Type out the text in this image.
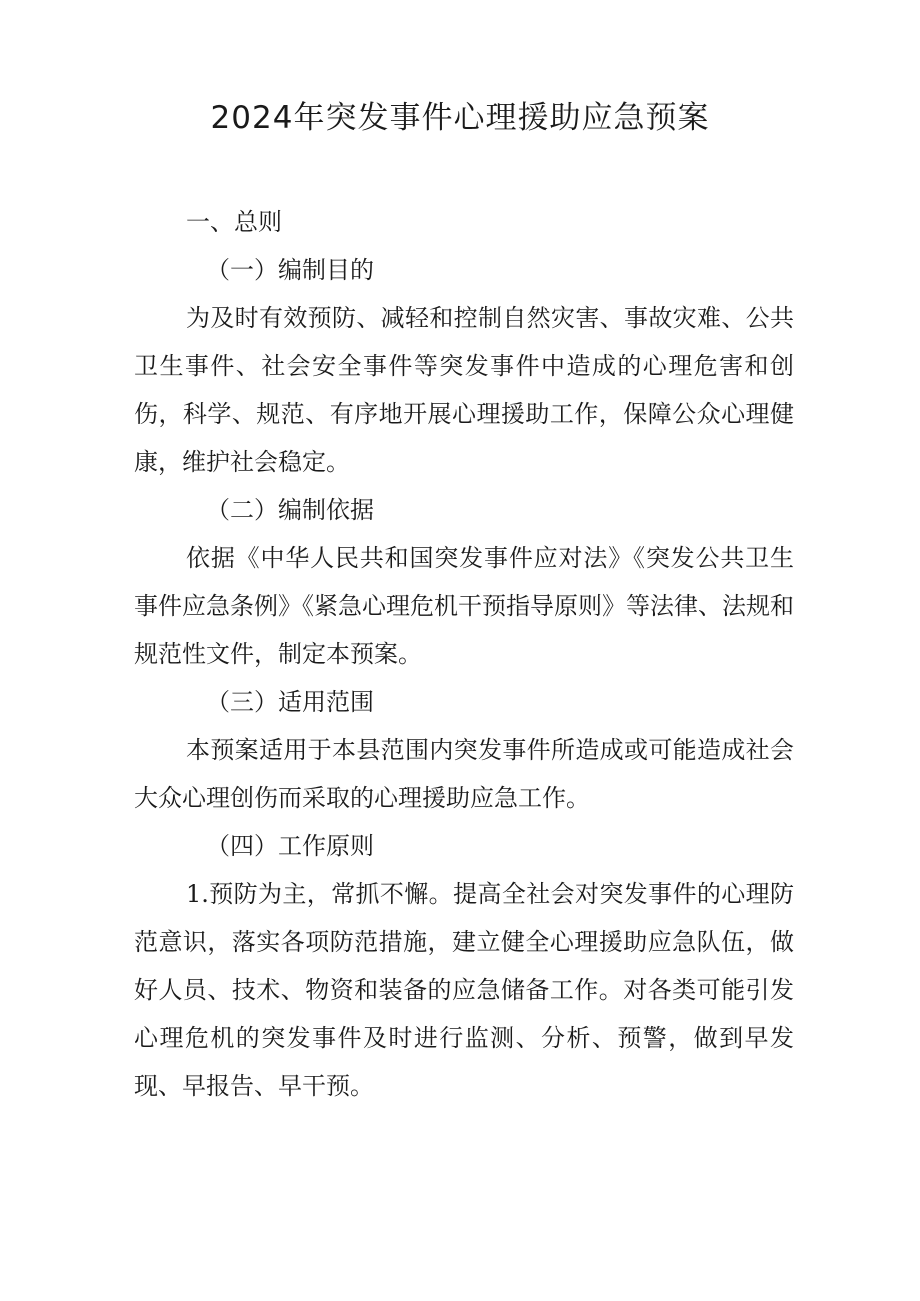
2024年突发事件心理援助应急预案

一、总则

（一）编制目的

为及时有效预防、减轻和控制自然灾害、事故灾难、公共卫生事件、社会安全事件等突发事件中造成的心理危害和创伤，科学、规范、有序地开展心理援助工作，保障公众心理健康，维护社会稳定。

（二）编制依据

依据《中华人民共和国突发事件应对法》《突发公共卫生事件应急条例》《紧急心理危机干预指导原则》等法律、法规和规范性文件，制定本预案。

（三）适用范围

本预案适用于本县范围内突发事件所造成或可能造成社会大众心理创伤而采取的心理援助应急工作。

（四）工作原则

1.预防为主，常抓不懈。提高全社会对突发事件的心理防范意识，落实各项防范措施，建立健全心理援助应急队伍，做好人员、技术、物资和装备的应急储备工作。对各类可能引发心理危机的突发事件及时进行监测、分析、预警，做到早发现、早报告、早干预。
